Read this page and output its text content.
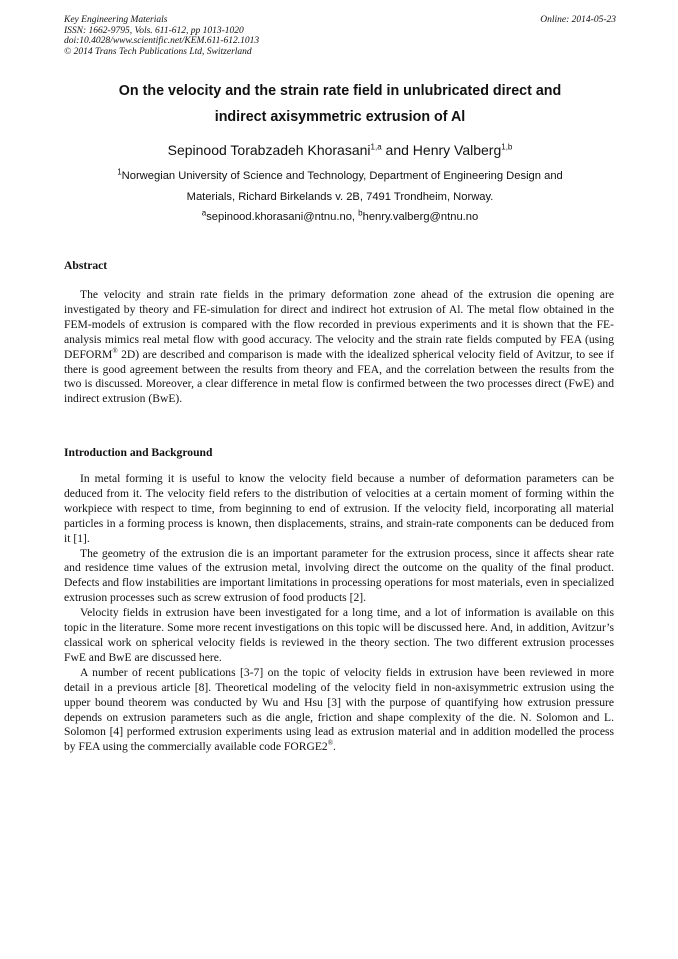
Key Engineering Materials
ISSN: 1662-9795, Vols. 611-612, pp 1013-1020
doi:10.4028/www.scientific.net/KEM.611-612.1013
© 2014 Trans Tech Publications Ltd, Switzerland
Online: 2014-05-23
On the velocity and the strain rate field in unlubricated direct and
indirect axisymmetric extrusion of Al
Sepinood Torabzadeh Khorasani$^{1,a}$ and Henry Valberg$^{1,b}$
$^1$Norwegian University of Science and Technology, Department of Engineering Design and
Materials, Richard Birkelands v. 2B, 7491 Trondheim, Norway.
$^a$sepinood.khorasani@ntnu.no, $^b$henry.valberg@ntnu.no
Abstract

The velocity and strain rate fields in the primary deformation zone ahead of the extrusion die opening are investigated by theory and FE-simulation for direct and indirect hot extrusion of Al. The metal flow obtained in the FEM-models of extrusion is compared with the flow recorded in previous experiments and it is shown that the FE-analysis mimics real metal flow with good accuracy. The velocity and the strain rate fields computed by FEA (using DEFORM® 2D) are described and comparison is made with the idealized spherical velocity field of Avitzur, to see if there is good agreement between the results from theory and FEA, and the correlation between the results from the two is discussed. Moreover, a clear difference in metal flow is confirmed between the two processes direct (FwE) and indirect extrusion (BwE).

Introduction and Background

In metal forming it is useful to know the velocity field because a number of deformation parameters can be deduced from it. The velocity field refers to the distribution of velocities at a certain moment of forming within the workpiece with respect to time, from beginning to end of extrusion. If the velocity field, incorporating all material particles in a forming process is known, then displacements, strains, and strain-rate components can be deduced from it [1].

The geometry of the extrusion die is an important parameter for the extrusion process, since it affects shear rate and residence time values of the extrusion metal, involving direct the outcome on the quality of the final product. Defects and flow instabilities are important limitations in processing operations for most materials, even in specialized extrusion processes such as screw extrusion of food products [2].

Velocity fields in extrusion have been investigated for a long time, and a lot of information is available on this topic in the literature. Some more recent investigations on this topic will be discussed here. And, in addition, Avitzur’s classical work on spherical velocity fields is reviewed in the theory section. The two different extrusion processes FwE and BwE are discussed here.

A number of recent publications [3-7] on the topic of velocity fields in extrusion have been reviewed in more detail in a previous article [8]. Theoretical modeling of the velocity field in non-axisymmetric extrusion using the upper bound theorem was conducted by Wu and Hsu [3] with the purpose of quantifying how extrusion pressure depends on extrusion parameters such as die angle, friction and shape complexity of the die. N. Solomon and L. Solomon [4] performed extrusion experiments using lead as extrusion material and in addition modelled the process by FEA using the commercially available code FORGE2®.
